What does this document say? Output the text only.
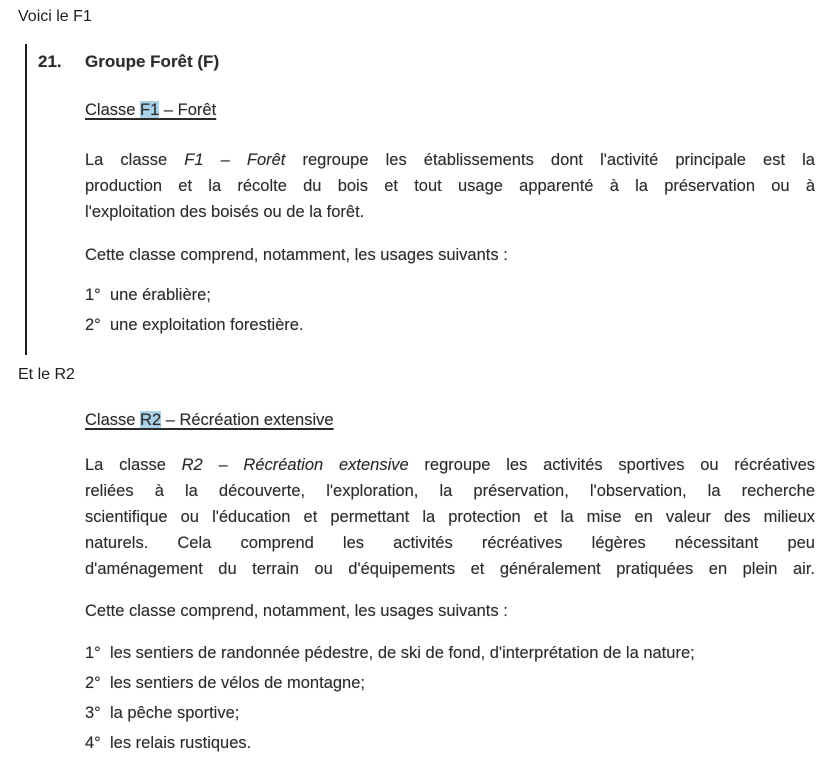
Voici le F1
21. Groupe Forêt (F)
Classe F1 – Forêt
La classe F1 – Forêt regroupe les établissements dont l'activité principale est la
production et la récolte du bois et tout usage apparenté à la préservation ou à
l'exploitation des boisés ou de la forêt.
Cette classe comprend, notamment, les usages suivants :
1° une érablière;
2° une exploitation forestière.
Et le R2
Classe R2 – Récréation extensive
La classe R2 – Récréation extensive regroupe les activités sportives ou récréatives
reliées à la découverte, l'exploration, la préservation, l'observation, la recherche
scientifique ou l'éducation et permettant la protection et la mise en valeur des milieux
naturels. Cela comprend les activités récréatives légères nécessitant peu
d'aménagement du terrain ou d'équipements et généralement pratiquées en plein air.
Cette classe comprend, notamment, les usages suivants :
1° les sentiers de randonnée pédestre, de ski de fond, d'interprétation de la nature;
2° les sentiers de vélos de montagne;
3° la pêche sportive;
4° les relais rustiques.
